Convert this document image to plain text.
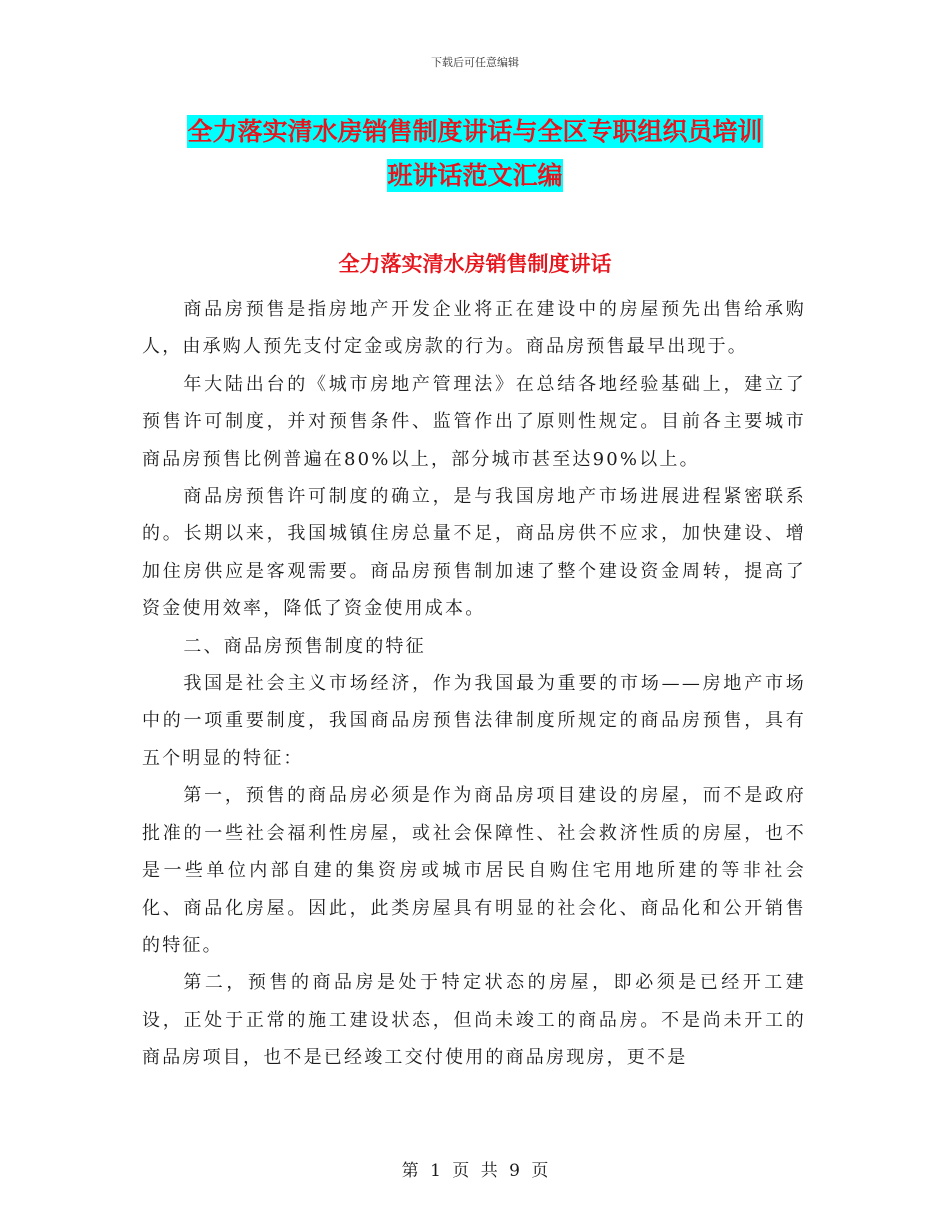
下载后可任意编辑
全力落实清水房销售制度讲话与全区专职组织员培训
班讲话范文汇编
全力落实清水房销售制度讲话

商品房预售是指房地产开发企业将正在建设中的房屋预先出售给承购人，由承购人预先支付定金或房款的行为。商品房预售最早出现于。

年大陆出台的《城市房地产管理法》在总结各地经验基础上，建立了预售许可制度，并对预售条件、监管作出了原则性规定。目前各主要城市商品房预售比例普遍在80%以上，部分城市甚至达90%以上。

商品房预售许可制度的确立，是与我国房地产市场进展进程紧密联系的。长期以来，我国城镇住房总量不足，商品房供不应求，加快建设、增加住房供应是客观需要。商品房预售制加速了整个建设资金周转，提高了资金使用效率，降低了资金使用成本。

二、商品房预售制度的特征

我国是社会主义市场经济，作为我国最为重要的市场——房地产市场中的一项重要制度，我国商品房预售法律制度所规定的商品房预售，具有五个明显的特征：

第一，预售的商品房必须是作为商品房项目建设的房屋，而不是政府批准的一些社会福利性房屋，或社会保障性、社会救济性质的房屋，也不是一些单位内部自建的集资房或城市居民自购住宅用地所建的等非社会化、商品化房屋。因此，此类房屋具有明显的社会化、商品化和公开销售的特征。

第二，预售的商品房是处于特定状态的房屋，即必须是已经开工建设，正处于正常的施工建设状态，但尚未竣工的商品房。不是尚未开工的商品房项目，也不是已经竣工交付使用的商品房现房，更不是

第 1 页 共 9 页
